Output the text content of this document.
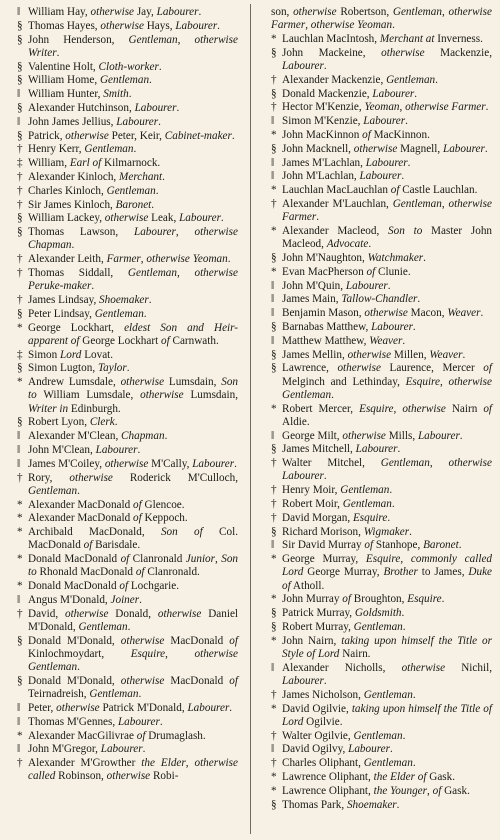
‖ William Hay, otherwise Jay, Labourer.
§ Thomas Hayes, otherwise Hays, Labourer.
§ John Henderson, Gentleman, otherwise Writer.
§ Valentine Holt, Cloth-worker.
§ William Home, Gentleman.
‖ William Hunter, Smith.
§ Alexander Hutchinson, Labourer.
‖ John James Jellius, Labourer.
§ Patrick, otherwise Peter, Keir, Cabinet-maker.
† Henry Kerr, Gentleman.
‡ William, Earl of Kilmarnock.
† Alexander Kinloch, Merchant.
† Charles Kinloch, Gentleman.
† Sir James Kinloch, Baronet.
§ William Lackey, otherwise Leak, Labourer.
§ Thomas Lawson, Labourer, otherwise Chapman.
† Alexander Leith, Farmer, otherwise Yeoman.
† Thomas Siddall, Gentleman, otherwise Peruke-maker.
† James Lindsay, Shoemaker.
§ Peter Lindsay, Gentleman.
* George Lockhart, eldest Son and Heir-apparent of George Lockhart of Carnwath.
‡ Simon Lord Lovat.
§ Simon Lugton, Taylor.
* Andrew Lumsdale, otherwise Lumsdain, Son to William Lumsdale, otherwise Lumsdain, Writer in Edinburgh.
§ Robert Lyon, Clerk.
‖ Alexander M'Clean, Chapman.
‖ John M'Clean, Labourer.
‖ James M'Coiley, otherwise M'Cally, Labourer.
† Rory, otherwise Roderick M'Culloch, Gentleman.
* Alexander MacDonald of Glencoe.
* Alexander MacDonald of Keppoch.
* Archibald MacDonald, Son of Col. MacDonald of Barisdale.
* Donald MacDonald of Clanronald Junior, Son to Rhonald MacDonald of Clanronald.
* Donald MacDonald of Lochgarie.
‖ Angus M'Donald, Joiner.
† David, otherwise Donald, otherwise Daniel M'Donald, Gentleman.
§ Donald M'Donald, otherwise MacDonald of Kinlochmoydart, Esquire, otherwise Gentleman.
§ Donald M'Donald, otherwise MacDonald of Teirnadreish, Gentleman.
‖ Peter, otherwise Patrick M'Donald, Labourer.
‖ Thomas M'Gennes, Labourer.
* Alexander MacGilivrae of Drumaglash.
‖ John M'Gregor, Labourer.
† Alexander M'Growther the Elder, otherwise called Robinson, otherwise Robi-
son, otherwise Robertson, Gentleman, otherwise Farmer, otherwise Yeoman.
* Lauchlan MacIntosh, Merchant at Inverness.
§ John Mackeine, otherwise Mackenzie, Labourer.
† Alexander Mackenzie, Gentleman.
§ Donald Mackenzie, Labourer.
† Hector M'Kenzie, Yeoman, otherwise Farmer.
‖ Simon M'Kenzie, Labourer.
* John MacKinnon of MacKinnon.
§ John Macknell, otherwise Magnell, Labourer.
‖ James M'Lachlan, Labourer.
‖ John M'Lachlan, Labourer.
* Lauchlan MacLauchlan of Castle Lauchlan.
† Alexander M'Lauchlan, Gentleman, otherwise Farmer.
* Alexander Macleod, Son to Master John Macleod, Advocate.
§ John M'Naughton, Watchmaker.
* Evan MacPherson of Clunie.
‖ John M'Quin, Labourer.
‖ James Main, Tallow-Chandler.
‖ Benjamin Mason, otherwise Macon, Weaver.
§ Barnabas Matthew, Labourer.
‖ Matthew Matthew, Weaver.
§ James Mellin, otherwise Millen, Weaver.
§ Lawrence, otherwise Laurence, Mercer of Melginch and Lethinday, Esquire, otherwise Gentleman.
* Robert Mercer, Esquire, otherwise Nairn of Aldie.
‖ George Milt, otherwise Mills, Labourer.
§ James Mitchell, Labourer.
† Walter Mitchel, Gentleman, otherwise Labourer.
† Henry Moir, Gentleman.
† Robert Moir, Gentleman.
† David Morgan, Esquire.
§ Richard Morison, Wigmaker.
‖ Sir David Murray of Stanhope, Baronet.
* George Murray, Esquire, commonly called Lord George Murray, Brother to James, Duke of Atholl.
* John Murray of Broughton, Esquire.
§ Patrick Murray, Goldsmith.
§ Robert Murray, Gentleman.
* John Nairn, taking upon himself the Title or Style of Lord Nairn.
‖ Alexander Nicholls, otherwise Nichil, Labourer.
† James Nicholson, Gentleman.
* David Ogilvie, taking upon himself the Title of Lord Ogilvie.
† Walter Ogilvie, Gentleman.
‖ David Ogilvy, Labourer.
† Charles Oliphant, Gentleman.
* Lawrence Oliphant, the Elder of Gask.
* Lawrence Oliphant, the Younger, of Gask.
§ Thomas Park, Shoemaker.
